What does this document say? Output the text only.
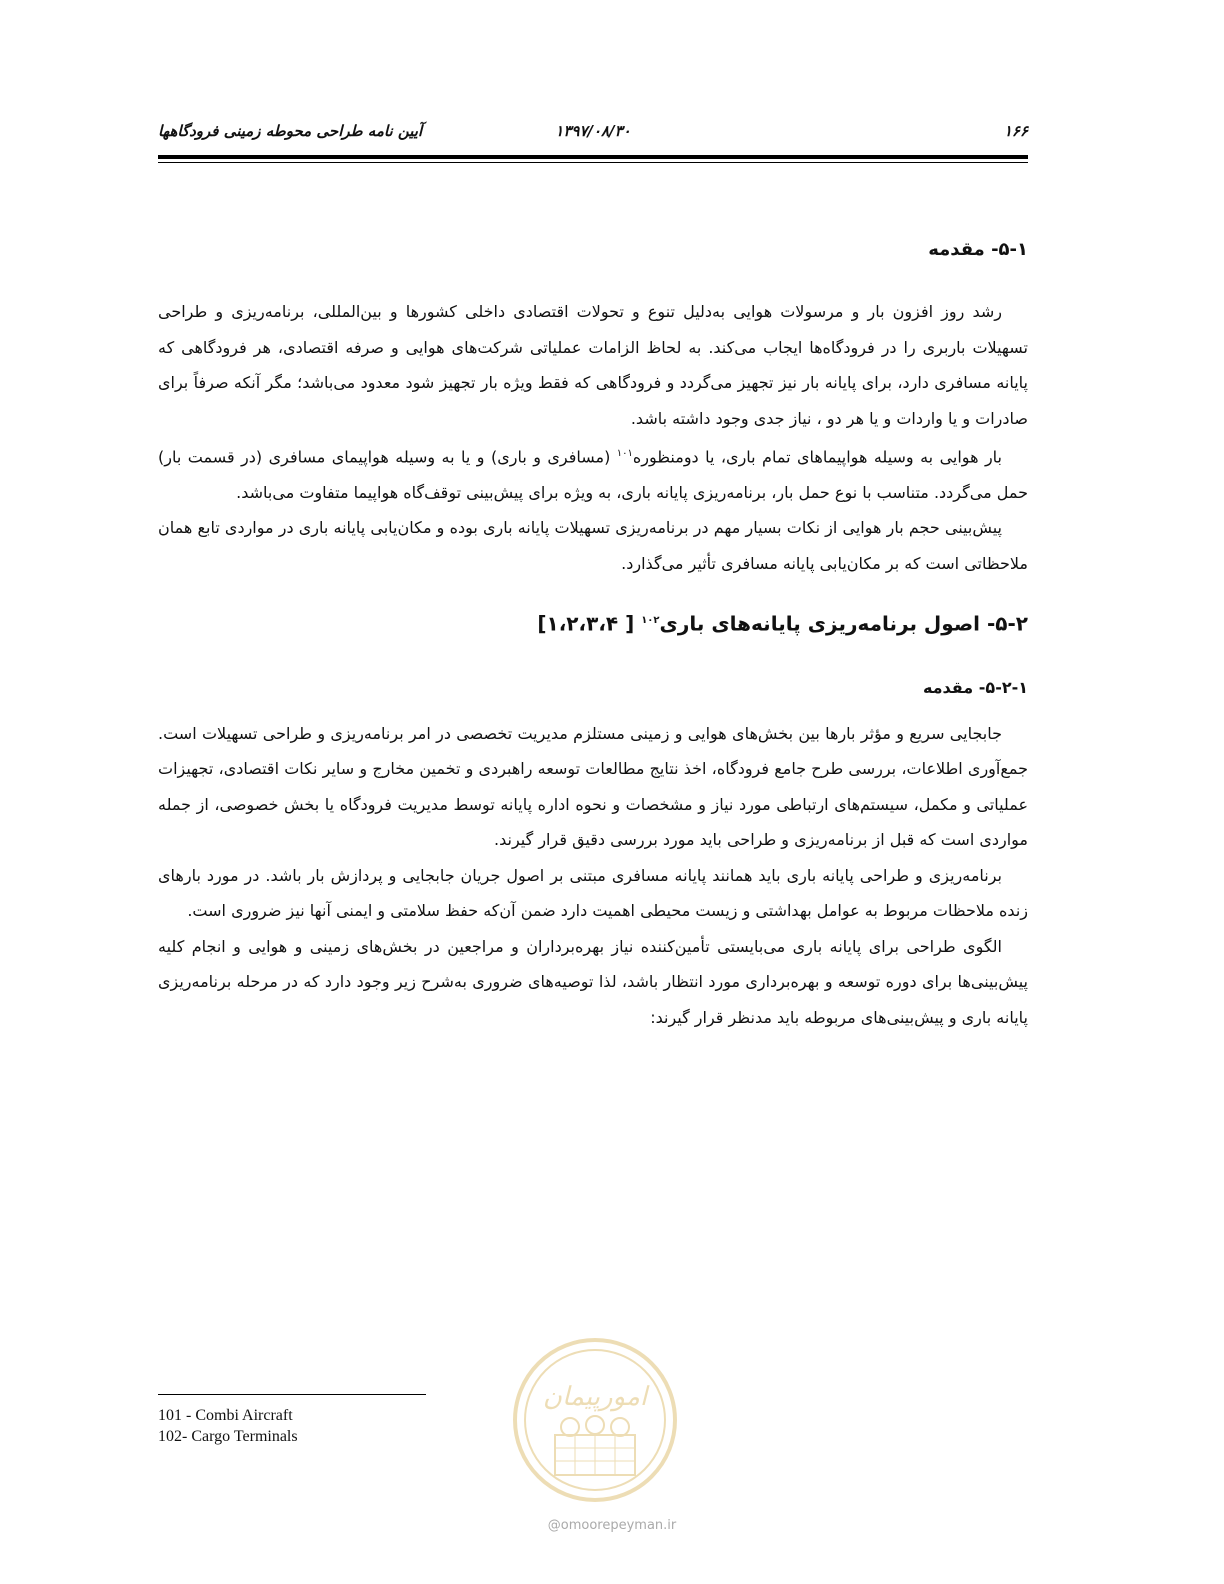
۱۶۶
۱۳۹۷/۰۸/۳۰
آیین نامه طراحی محوطه زمینی فرودگاهها
۵-۱- مقدمه

رشد روز افزون بار و مرسولات هوایی به‌دلیل تنوع و تحولات اقتصادی داخلی کشورها و بین‌المللی، برنامه‌ریزی و طراحی تسهیلات باربری را در فرودگاه‌ها ایجاب می‌کند. به لحاظ الزامات عملیاتی شرکت‌های هوایی و صرفه اقتصادی، هر فرودگاهی که پایانه مسافری دارد، برای پایانه بار نیز تجهیز می‌گردد و فرودگاهی که فقط ویژه بار تجهیز شود معدود می‌باشد؛ مگر آنکه صرفاً برای صادرات و یا واردات و یا هر دو ، نیاز جدی وجود داشته باشد.

بار هوایی به وسیله هواپیماهای تمام باری، یا دومنظوره$^{۱۰۱}$ (مسافری و باری) و یا به وسیله هواپیمای مسافری (در قسمت بار) حمل می‌گردد. متناسب با نوع حمل بار، برنامه‌ریزی پایانه باری، به ویژه برای پیش‌بینی توقف‌گاه هواپیما متفاوت می‌باشد.

پیش‌بینی حجم بار هوایی از نکات بسیار مهم در برنامه‌ریزی تسهیلات پایانه باری بوده و مکان‌یابی پایانه باری در مواردی تابع همان ملاحظاتی است که بر مکان‌یابی پایانه مسافری تأثیر می‌گذارد.

۵-۲- اصول برنامه‌ریزی پایانه‌های باری$^{۱۰۲}$ [ ۱،۲،۳،۴]
۵-۲-۱- مقدمه

جابجایی سریع و مؤثر بارها بین بخش‌های هوایی و زمینی مستلزم مدیریت تخصصی در امر برنامه‌ریزی و طراحی تسهیلات است. جمع‌آوری اطلاعات، بررسی طرح جامع فرودگاه، اخذ نتایج مطالعات توسعه راهبردی و تخمین مخارج و سایر نکات اقتصادی، تجهیزات عملیاتی و مکمل، سیستم‌های ارتباطی مورد نیاز و مشخصات و نحوه اداره پایانه توسط مدیریت فرودگاه یا بخش خصوصی، از جمله مواردی است که قبل از برنامه‌ریزی و طراحی باید مورد بررسی دقیق قرار گیرند.

برنامه‌ریزی و طراحی پایانه باری باید همانند پایانه مسافری مبتنی بر اصول جریان جابجایی و پردازش بار باشد. در مورد بارهای زنده ملاحظات مربوط به عوامل بهداشتی و زیست محیطی اهمیت دارد ضمن آن‌که حفظ سلامتی و ایمنی آنها نیز ضروری است.

الگوی طراحی برای پایانه باری می‌بایستی تأمین‌کننده نیاز بهره‌برداران و مراجعین در بخش‌های زمینی و هوایی و انجام کلیه پیش‌بینی‌ها برای دوره توسعه و بهره‌برداری مورد انتظار باشد، لذا توصیه‌های ضروری به‌شرح زیر وجود دارد که در مرحله برنامه‌ریزی پایانه باری و پیش‌بینی‌های مربوطه باید مدنظر قرار گیرند:

101 - Combi Aircraft
102- Cargo Terminals
امورپیمان
@omoorepeyman.ir
